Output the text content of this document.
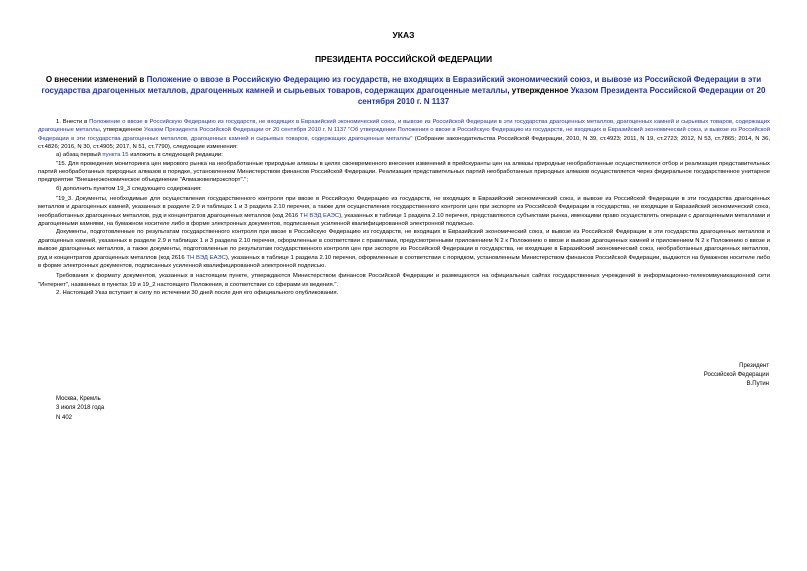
УКАЗ
ПРЕЗИДЕНТА РОССИЙСКОЙ ФЕДЕРАЦИИ
О внесении изменений в Положение о ввозе в Российскую Федерацию из государств, не входящих в Евразийский экономический союз, и вывозе из Российской Федерации в эти государства драгоценных металлов, драгоценных камней и сырьевых товаров, содержащих драгоценные металлы, утвержденное Указом Президента Российской Федерации от 20 сентября 2010 г. N 1137

1. Внести в Положение о ввозе в Российскую Федерацию из государств, не входящих в Евразийский экономический союз, и вывозе из Российской Федерации в эти государства драгоценных металлов, драгоценных камней и сырьевых товаров, содержащих драгоценные металлы, утвержденное Указом Президента Российской Федерации от 20 сентября 2010 г. N 1137 "Об утверждении Положения о ввозе в Российскую Федерацию из государств, не входящих в Евразийский экономический союз, и вывозе из Российской Федерации в эти государства драгоценных металлов, драгоценных камней и сырьевых товаров, содержащих драгоценные металлы" (Собрание законодательства Российской Федерации, 2010, N 39, ст.4923; 2011, N 19, ст.2723; 2012, N 53, ст.7865; 2014, N 36, ст.4826; 2016, N 30, ст.4905; 2017, N 51, ст.7790), следующие изменения:

а) абзац первый пункта 15 изложить в следующей редакции:

"15. Для проведения мониторинга цен мирового рынка на необработанные природные алмазы в целях своевременного внесения изменений в прейскуранты цен на алмазы природные необработанные осуществляются отбор и реализация представительных партий необработанных природных алмазов в порядке, установленном Министерством финансов Российской Федерации. Реализация представительных партий необработанных природных алмазов осуществляется через федеральное государственное унитарное предприятие "Внешнеэкономическое объединение "Алмазювелирэкспорт".";

б) дополнить пунктом 19_3 следующего содержания:

"19_3. Документы, необходимые для осуществления государственного контроля при ввозе в Российскую Федерацию из государств, не входящих в Евразийский экономический союз, и вывозе из Российской Федерации в эти государства драгоценных металлов и драгоценных камней, указанных в разделе 2.9 и таблицах 1 и 3 раздела 2.10 перечня, а также для осуществления государственного контроля цен при экспорте из Российской Федерации в государства, не входящие в Евразийский экономический союз, необработанных драгоценных металлов, руд и концентратов драгоценных металлов (код 2616 ТН ВЭД ЕАЭС), указанных в таблице 1 раздела 2.10 перечня, представляются субъектами рынка, имеющими право осуществлять операции с драгоценными металлами и драгоценными камнями, на бумажном носителе либо в форме электронных документов, подписанных усиленной квалифицированной электронной подписью.

Документы, подготовленные по результатам государственного контроля при ввозе в Российскую Федерацию из государств, не входящих в Евразийский экономический союз, и вывозе из Российской Федерации в эти государства драгоценных металлов и драгоценных камней, указанных в разделе 2.9 и таблицах 1 и 3 раздела 2.10 перечня, оформленные в соответствии с правилами, предусмотренными приложением N 2 к Положению о ввозе и вывозе драгоценных камней и приложением N 2 к Положению о ввозе и вывозе драгоценных металлов, а также документы, подготовленные по результатам государственного контроля цен при экспорте из Российской Федерации в государства, не входящие в Евразийский экономический союз, необработанных драгоценных металлов, руд и концентратов драгоценных металлов (код 2616 ТН ВЭД ЕАЭС), указанных в таблице 1 раздела 2.10 перечня, оформленные в соответствии с порядком, установленным Министерством финансов Российской Федерации, выдаются на бумажном носителе либо в форме электронных документов, подписанных усиленной квалифицированной электронной подписью.

Требования к формату документов, указанных в настоящем пункте, утверждаются Министерством финансов Российской Федерации и размещаются на официальных сайтах государственных учреждений в информационно-телекоммуникационной сети "Интернет", названных в пунктах 19 и 19_2 настоящего Положения, в соответствии со сферами их ведения.".

2. Настоящий Указ вступает в силу по истечении 30 дней после дня его официального опубликования.

Президент
Российской Федерации
В.Путин
Москва, Кремль
3 июля 2018 года
N 402
